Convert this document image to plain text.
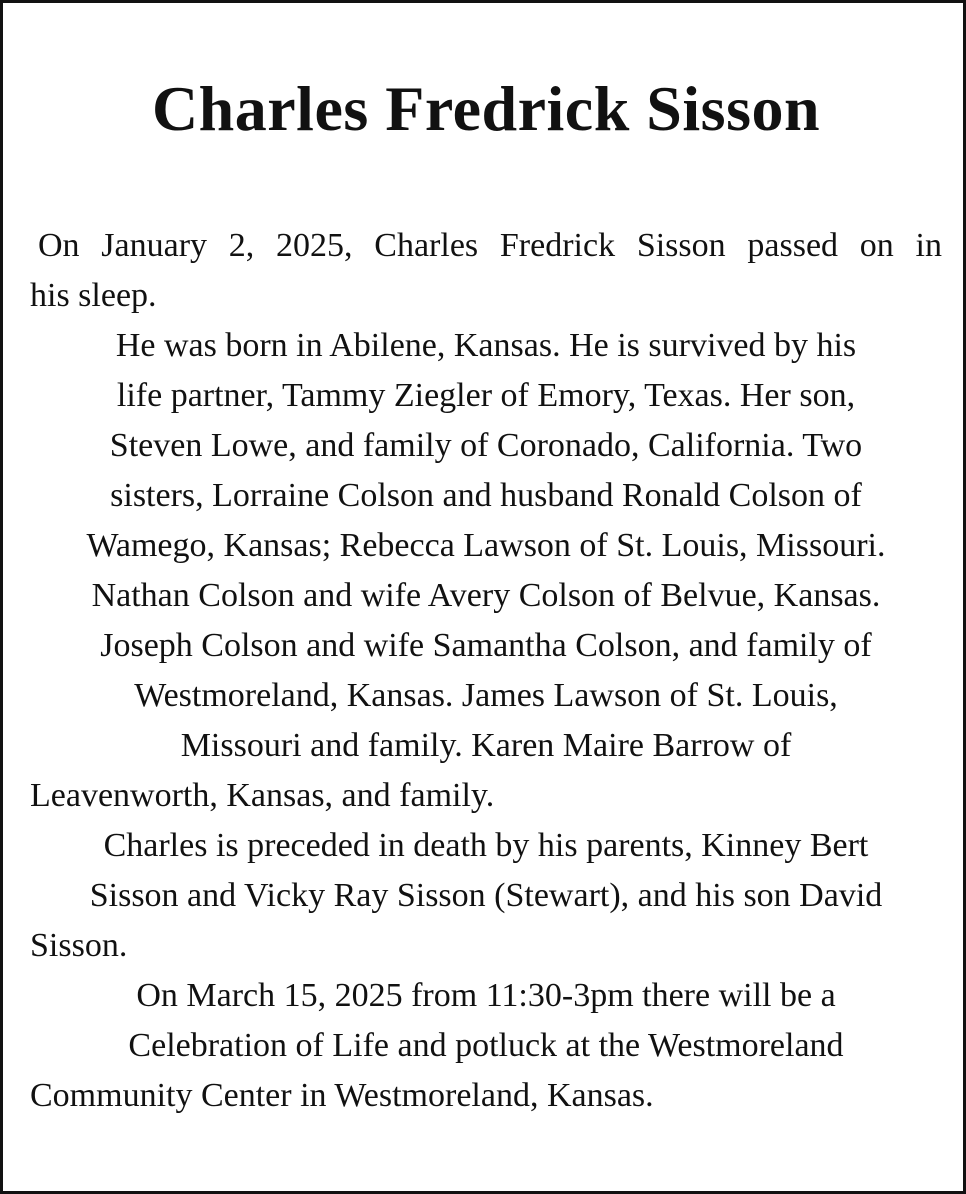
Charles Fredrick Sisson
On January 2, 2025, Charles Fredrick Sisson passed on in
his sleep.
He was born in Abilene, Kansas. He is survived by his
life partner, Tammy Ziegler of Emory, Texas. Her son,
Steven Lowe, and family of Coronado, California. Two
sisters, Lorraine Colson and husband Ronald Colson of
Wamego, Kansas; Rebecca Lawson of St. Louis, Missouri.
Nathan Colson and wife Avery Colson of Belvue, Kansas.
Joseph Colson and wife Samantha Colson, and family of
Westmoreland, Kansas. James Lawson of St. Louis,
Missouri and family. Karen Maire Barrow of
Leavenworth, Kansas, and family.
Charles is preceded in death by his parents, Kinney Bert
Sisson and Vicky Ray Sisson (Stewart), and his son David
Sisson.
On March 15, 2025 from 11:30-3pm there will be a
Celebration of Life and potluck at the Westmoreland
Community Center in Westmoreland, Kansas.
